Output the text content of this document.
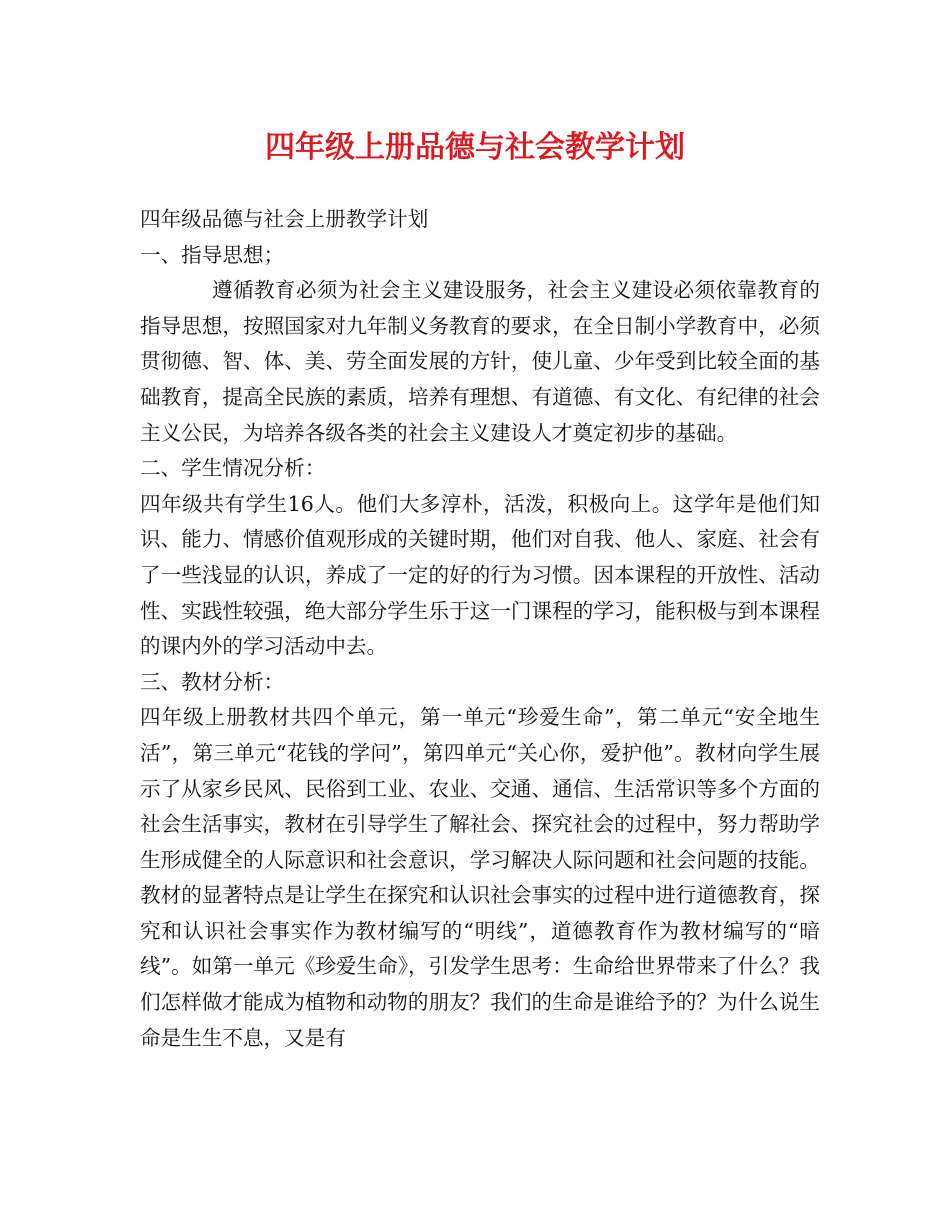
四年级上册品德与社会教学计划

四年级品德与社会上册教学计划

一、指导思想；

遵循教育必须为社会主义建设服务，社会主义建设必须依靠教育的指导思想，按照国家对九年制义务教育的要求，在全日制小学教育中，必须贯彻德、智、体、美、劳全面发展的方针，使儿童、少年受到比较全面的基础教育，提高全民族的素质，培养有理想、有道德、有文化、有纪律的社会主义公民，为培养各级各类的社会主义建设人才奠定初步的基础。

二、学生情况分析：

四年级共有学生16人。他们大多淳朴，活泼，积极向上。这学年是他们知识、能力、情感价值观形成的关键时期，他们对自我、他人、家庭、社会有了一些浅显的认识，养成了一定的好的行为习惯。因本课程的开放性、活动性、实践性较强，绝大部分学生乐于这一门课程的学习，能积极与到本课程的课内外的学习活动中去。

三、教材分析：

四年级上册教材共四个单元，第一单元“珍爱生命”，第二单元“安全地生活”，第三单元“花钱的学问”，第四单元“关心你，爱护他”。教材向学生展示了从家乡民风、民俗到工业、农业、交通、通信、生活常识等多个方面的社会生活事实，教材在引导学生了解社会、探究社会的过程中，努力帮助学生形成健全的人际意识和社会意识，学习解决人际问题和社会问题的技能。教材的显著特点是让学生在探究和认识社会事实的过程中进行道德教育，探究和认识社会事实作为教材编写的“明线”，道德教育作为教材编写的“暗线”。如第一单元《珍爱生命》，引发学生思考：生命给世界带来了什么？我们怎样做才能成为植物和动物的朋友？我们的生命是谁给予的？为什么说生命是生生不息，又是有
